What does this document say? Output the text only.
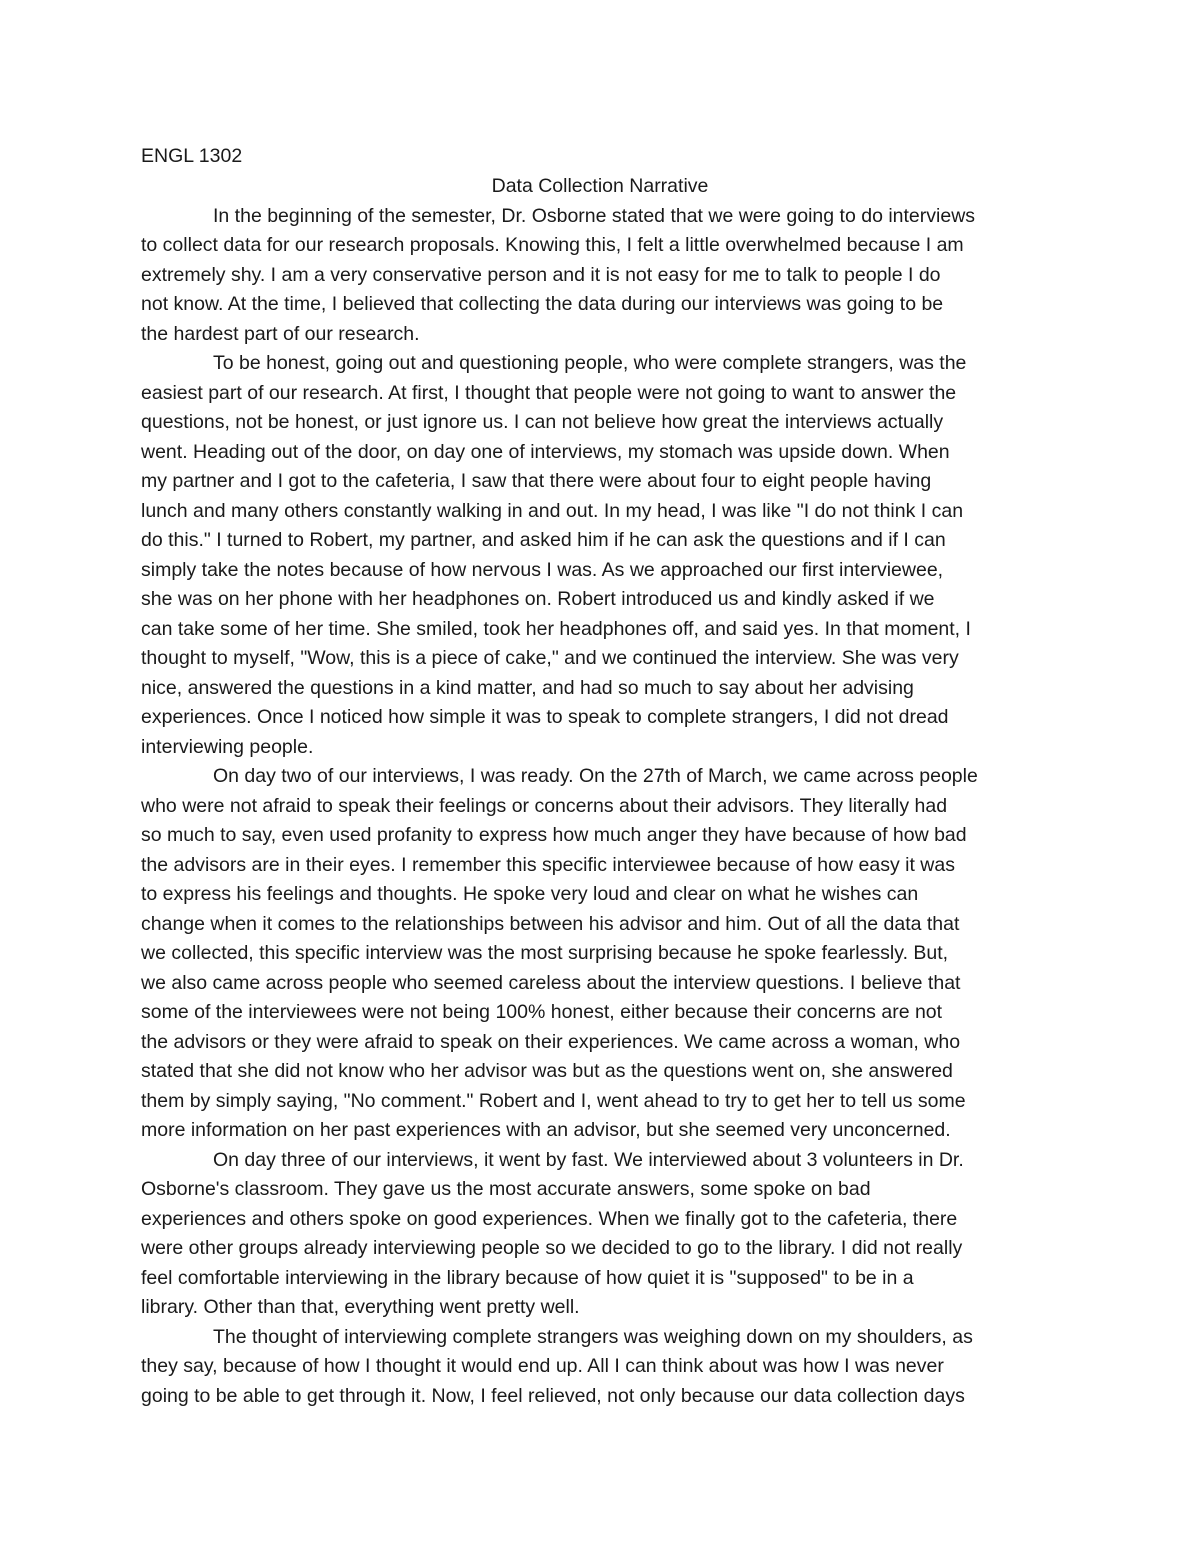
ENGL 1302
Data Collection Narrative
In the beginning of the semester, Dr. Osborne stated that we were going to do interviews
to collect data for our research proposals. Knowing this, I felt a little overwhelmed because I am
extremely shy. I am a very conservative person and it is not easy for me to talk to people I do
not know. At the time, I believed that collecting the data during our interviews was going to be
the hardest part of our research.
To be honest, going out and questioning people, who were complete strangers, was the
easiest part of our research. At first, I thought that people were not going to want to answer the
questions, not be honest, or just ignore us. I can not believe how great the interviews actually
went. Heading out of the door, on day one of interviews, my stomach was upside down. When
my partner and I got to the cafeteria, I saw that there were about four to eight people having
lunch and many others constantly walking in and out. In my head, I was like "I do not think I can
do this." I turned to Robert, my partner, and asked him if he can ask the questions and if I can
simply take the notes because of how nervous I was. As we approached our first interviewee,
she was on her phone with her headphones on. Robert introduced us and kindly asked if we
can take some of her time. She smiled, took her headphones off, and said yes. In that moment, I
thought to myself, "Wow, this is a piece of cake," and we continued the interview. She was very
nice, answered the questions in a kind matter, and had so much to say about her advising
experiences. Once I noticed how simple it was to speak to complete strangers, I did not dread
interviewing people.
On day two of our interviews, I was ready. On the 27th of March, we came across people
who were not afraid to speak their feelings or concerns about their advisors. They literally had
so much to say, even used profanity to express how much anger they have because of how bad
the advisors are in their eyes. I remember this specific interviewee because of how easy it was
to express his feelings and thoughts. He spoke very loud and clear on what he wishes can
change when it comes to the relationships between his advisor and him. Out of all the data that
we collected, this specific interview was the most surprising because he spoke fearlessly. But,
we also came across people who seemed careless about the interview questions. I believe that
some of the interviewees were not being 100% honest, either because their concerns are not
the advisors or they were afraid to speak on their experiences. We came across a woman, who
stated that she did not know who her advisor was but as the questions went on, she answered
them by simply saying, "No comment." Robert and I, went ahead to try to get her to tell us some
more information on her past experiences with an advisor, but she seemed very unconcerned.
On day three of our interviews, it went by fast. We interviewed about 3 volunteers in Dr.
Osborne's classroom. They gave us the most accurate answers, some spoke on bad
experiences and others spoke on good experiences. When we finally got to the cafeteria, there
were other groups already interviewing people so we decided to go to the library. I did not really
feel comfortable interviewing in the library because of how quiet it is "supposed" to be in a
library. Other than that, everything went pretty well.
The thought of interviewing complete strangers was weighing down on my shoulders, as
they say, because of how I thought it would end up. All I can think about was how I was never
going to be able to get through it. Now, I feel relieved, not only because our data collection days
